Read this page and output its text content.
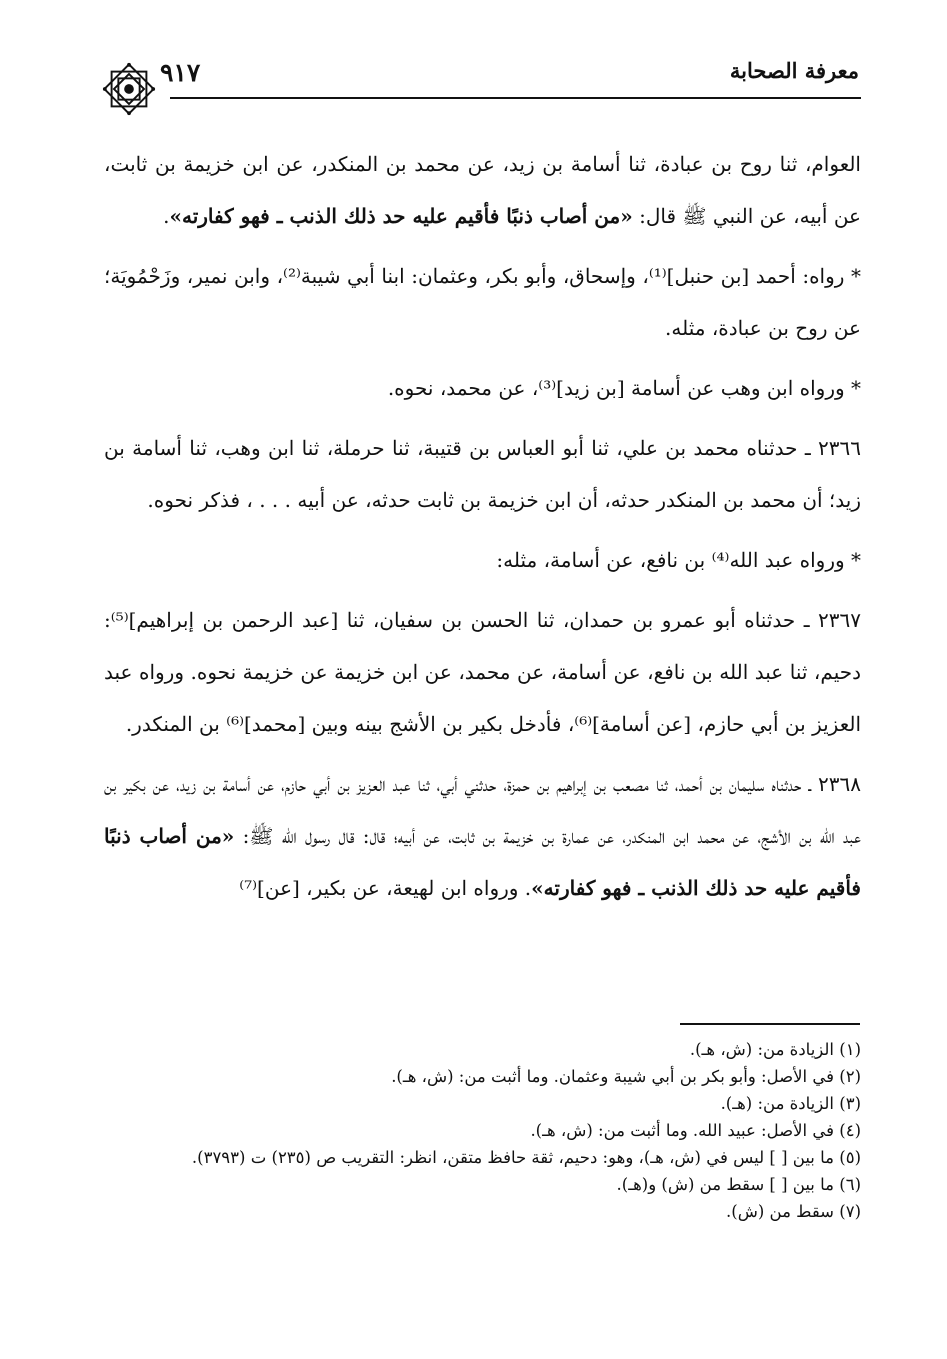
معرفة الصحابة
٩١٧

العوام، ثنا روح بن عبادة، ثنا أسامة بن زيد، عن محمد بن المنكدر، عن ابن خزيمة بن ثابت، عن أبيه، عن النبي ﷺ قال: «من أصاب ذنبًا فأقيم عليه حد ذلك الذنب ـ فهو كفارته».

* رواه: أحمد [بن حنبل]⁽¹⁾، وإسحاق، وأبو بكر، وعثمان: ابنا أبي شيبة⁽²⁾، وابن نمير، وزَحْمُويَة؛ عن روح بن عبادة، مثله.

* ورواه ابن وهب عن أسامة [بن زيد]⁽³⁾، عن محمد، نحوه.

٢٣٦٦ ـ حدثناه محمد بن علي، ثنا أبو العباس بن قتيبة، ثنا حرملة، ثنا ابن وهب، ثنا أسامة بن زيد؛ أن محمد بن المنكدر حدثه، أن ابن خزيمة بن ثابت حدثه، عن أبيه . . . ، فذكر نحوه.

* ورواه عبد الله⁽⁴⁾ بن نافع، عن أسامة، مثله:

٢٣٦٧ ـ حدثناه أبو عمرو بن حمدان، ثنا الحسن بن سفيان، ثنا [عبد الرحمن بن إبراهيم]⁽⁵⁾: دحيم، ثنا عبد الله بن نافع، عن أسامة، عن محمد، عن ابن خزيمة عن خزيمة نحوه. ورواه عبد العزيز بن أبي حازم، [عن أسامة]⁽⁶⁾، فأدخل بكير بن الأشج بينه وبين [محمد]⁽⁶⁾ بن المنكدر.

٢٣٦٨ ـ حدثناه سليمان بن أحمد، ثنا مصعب بن إبراهيم بن حمزة، حدثني أبي، ثنا عبد العزيز بن أبي حازم، عن أسامة بن زيد، عن بكير بن عبد الله بن الأشج، عن محمد ابن المنكدر، عن عمارة بن خزيمة بن ثابت، عن أبيه؛ قال: قال رسول الله ﷺ: «من أصاب ذنبًا فأقيم عليه حد ذلك الذنب ـ فهو كفارته». ورواه ابن لهيعة، عن بكير، [عن]⁽⁷⁾

(١) الزيادة من: (ش، هـ).
(٢) في الأصل: وأبو بكر بن أبي شيبة وعثمان. وما أثبت من: (ش، هـ).
(٣) الزيادة من: (هـ).
(٤) في الأصل: عبيد الله. وما أثبت من: (ش، هـ).
(٥) ما بين [ ] ليس في (ش، هـ)، وهو: دحيم، ثقة حافظ متقن، انظر: التقريب ص (٢٣٥) ت (٣٧٩٣).
(٦) ما بين [ ] سقط من (ش) و(هـ).
(٧) سقط من (ش).
